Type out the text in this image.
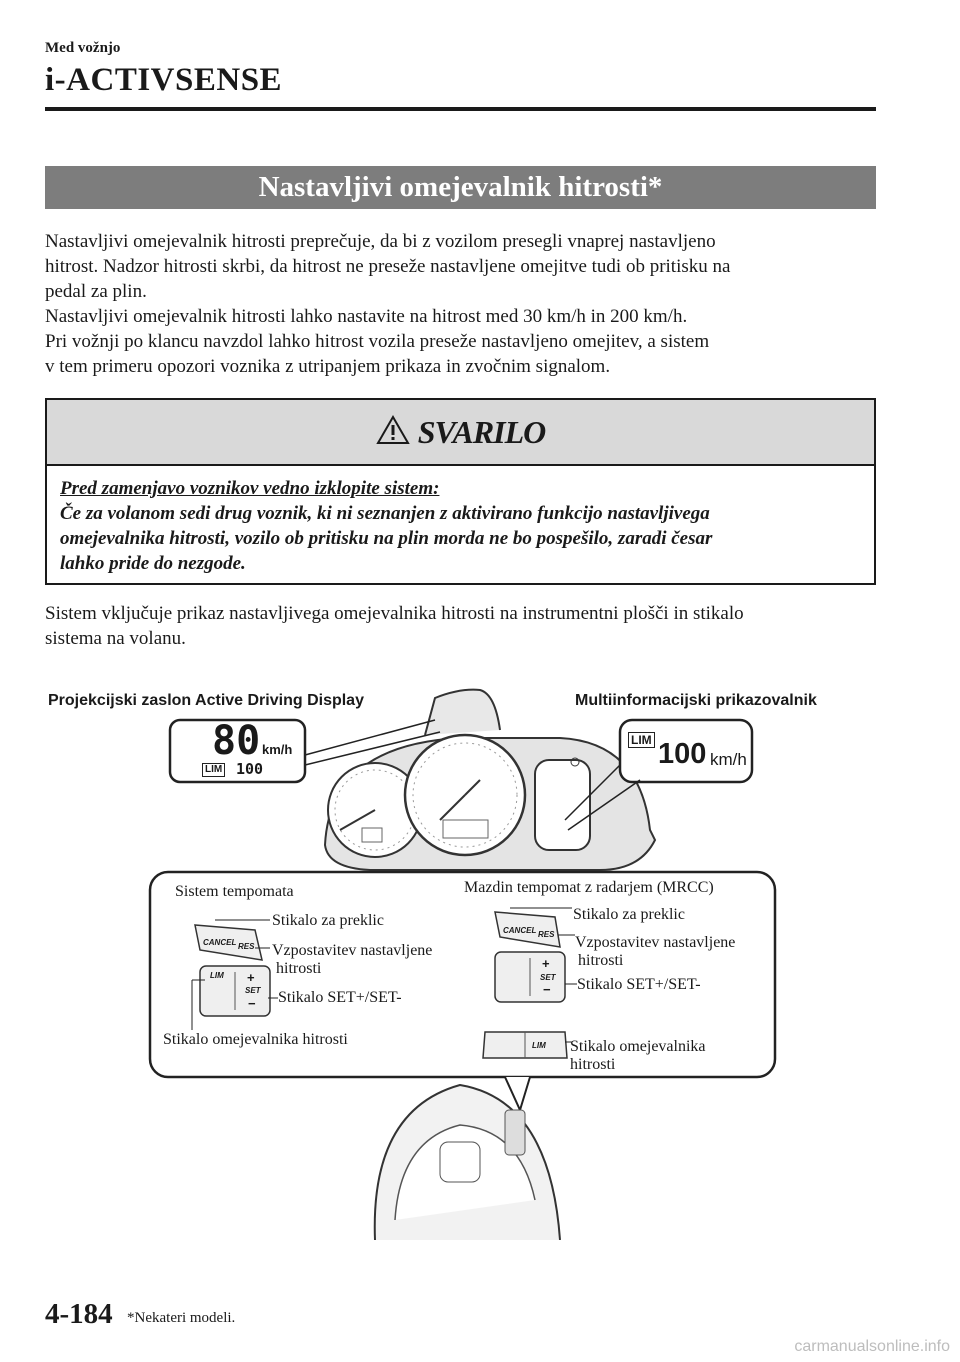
Med vožnjo
i-ACTIVSENSE
Nastavljivi omejevalnik hitrosti*

Nastavljivi omejevalnik hitrosti preprečuje, da bi z vozilom presegli vnaprej nastavljeno

hitrost. Nadzor hitrosti skrbi, da hitrost ne preseže nastavljene omejitve tudi ob pritisku na

pedal za plin.

Nastavljivi omejevalnik hitrosti lahko nastavite na hitrost med 30 km/h in 200 km/h.

Pri vožnji po klancu navzdol lahko hitrost vozila preseže nastavljeno omejitev, a sistem

v tem primeru opozori voznika z utripanjem prikaza in zvočnim signalom.

SVARILO
Pred zamenjavo voznikov vedno izklopite sistem:
Če za volanom sedi drug voznik, ki ni seznanjen z aktivirano funkcijo nastavljivega
omejevalnika hitrosti, vozilo ob pritisku na plin morda ne bo pospešilo, zaradi česar
lahko pride do nezgode.

Sistem vključuje prikaz nastavljivega omejevalnika hitrosti na instrumentni plošči in stikalo

sistema na volanu.

Projekcijski zaslon Active Driving Display	Multiinformacijski prikazovalnik
80 km/h
LIM 100
LIM 100 km/h
Sistem tempomata
Stikalo za preklic
Vzpostavitev nastavljene
hitrosti
Stikalo SET+/SET-
Stikalo omejevalnika hitrosti
Mazdin tempomat z radarjem (MRCC)
Stikalo za preklic
Vzpostavitev nastavljene
hitrosti
Stikalo SET+/SET-
Stikalo omejevalnika
hitrosti
CANCEL RES
LIM
SET
+
−
CANCEL RES
SET
+
−
LIM
4-184 *Nekateri modeli.
carmanualsonline.info
